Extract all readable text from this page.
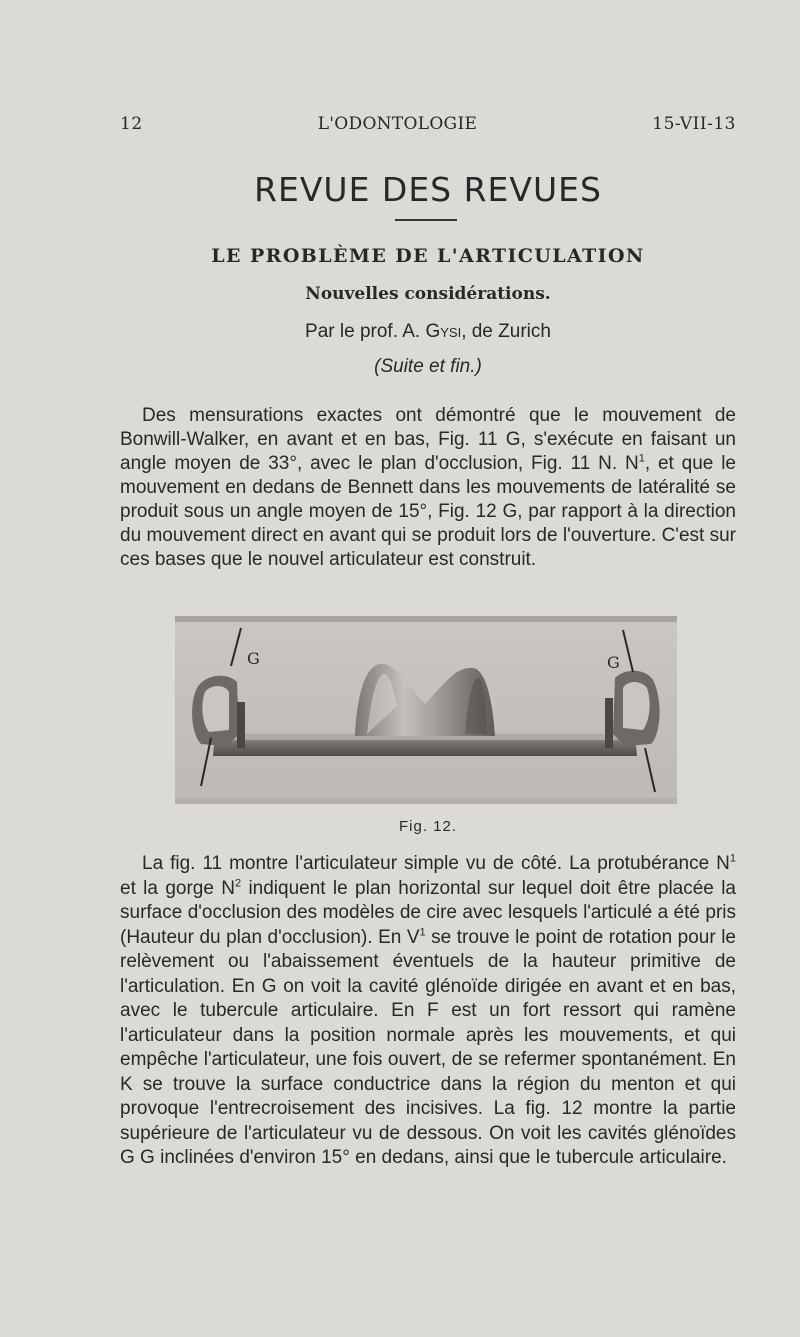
12	L'ODONTOLOGIE	15-VII-13
REVUE DES REVUES
LE PROBLÈME DE L'ARTICULATION
Nouvelles considérations.
Par le prof. A. Gysi, de Zurich
(Suite et fin.)

Des mensurations exactes ont démontré que le mouvement de Bonwill-Walker, en avant et en bas, Fig. 11 G, s'exécute en faisant un angle moyen de 33°, avec le plan d'occlusion, Fig. 11 N. $N^1$, et que le mouvement en dedans de Bennett dans les mouvements de latéralité se produit sous un angle moyen de 15°, Fig. 12 G, par rapport à la direction du mouvement direct en avant qui se produit lors de l'ouverture. C'est sur ces bases que le nouvel articulateur est construit.

G	G
Fig. 12.

La fig. 11 montre l'articulateur simple vu de côté. La protubérance $N^1$ et la gorge $N^2$ indiquent le plan horizontal sur lequel doit être placée la surface d'occlusion des modèles de cire avec lesquels l'articulé a été pris (Hauteur du plan d'occlusion). En $V^1$ se trouve le point de rotation pour le relèvement ou l'abaissement éventuels de la hauteur primitive de l'articulation. En G on voit la cavité glénoïde dirigée en avant et en bas, avec le tubercule articulaire. En F est un fort ressort qui ramène l'articulateur dans la position normale après les mouvements, et qui empêche l'articulateur, une fois ouvert, de se refermer spontanément. En K se trouve la surface conductrice dans la région du menton et qui provoque l'entrecroisement des incisives. La fig. 12 montre la partie supérieure de l'articulateur vu de dessous. On voit les cavités glénoïdes G G inclinées d'environ 15° en dedans, ainsi que le tubercule articulaire.
